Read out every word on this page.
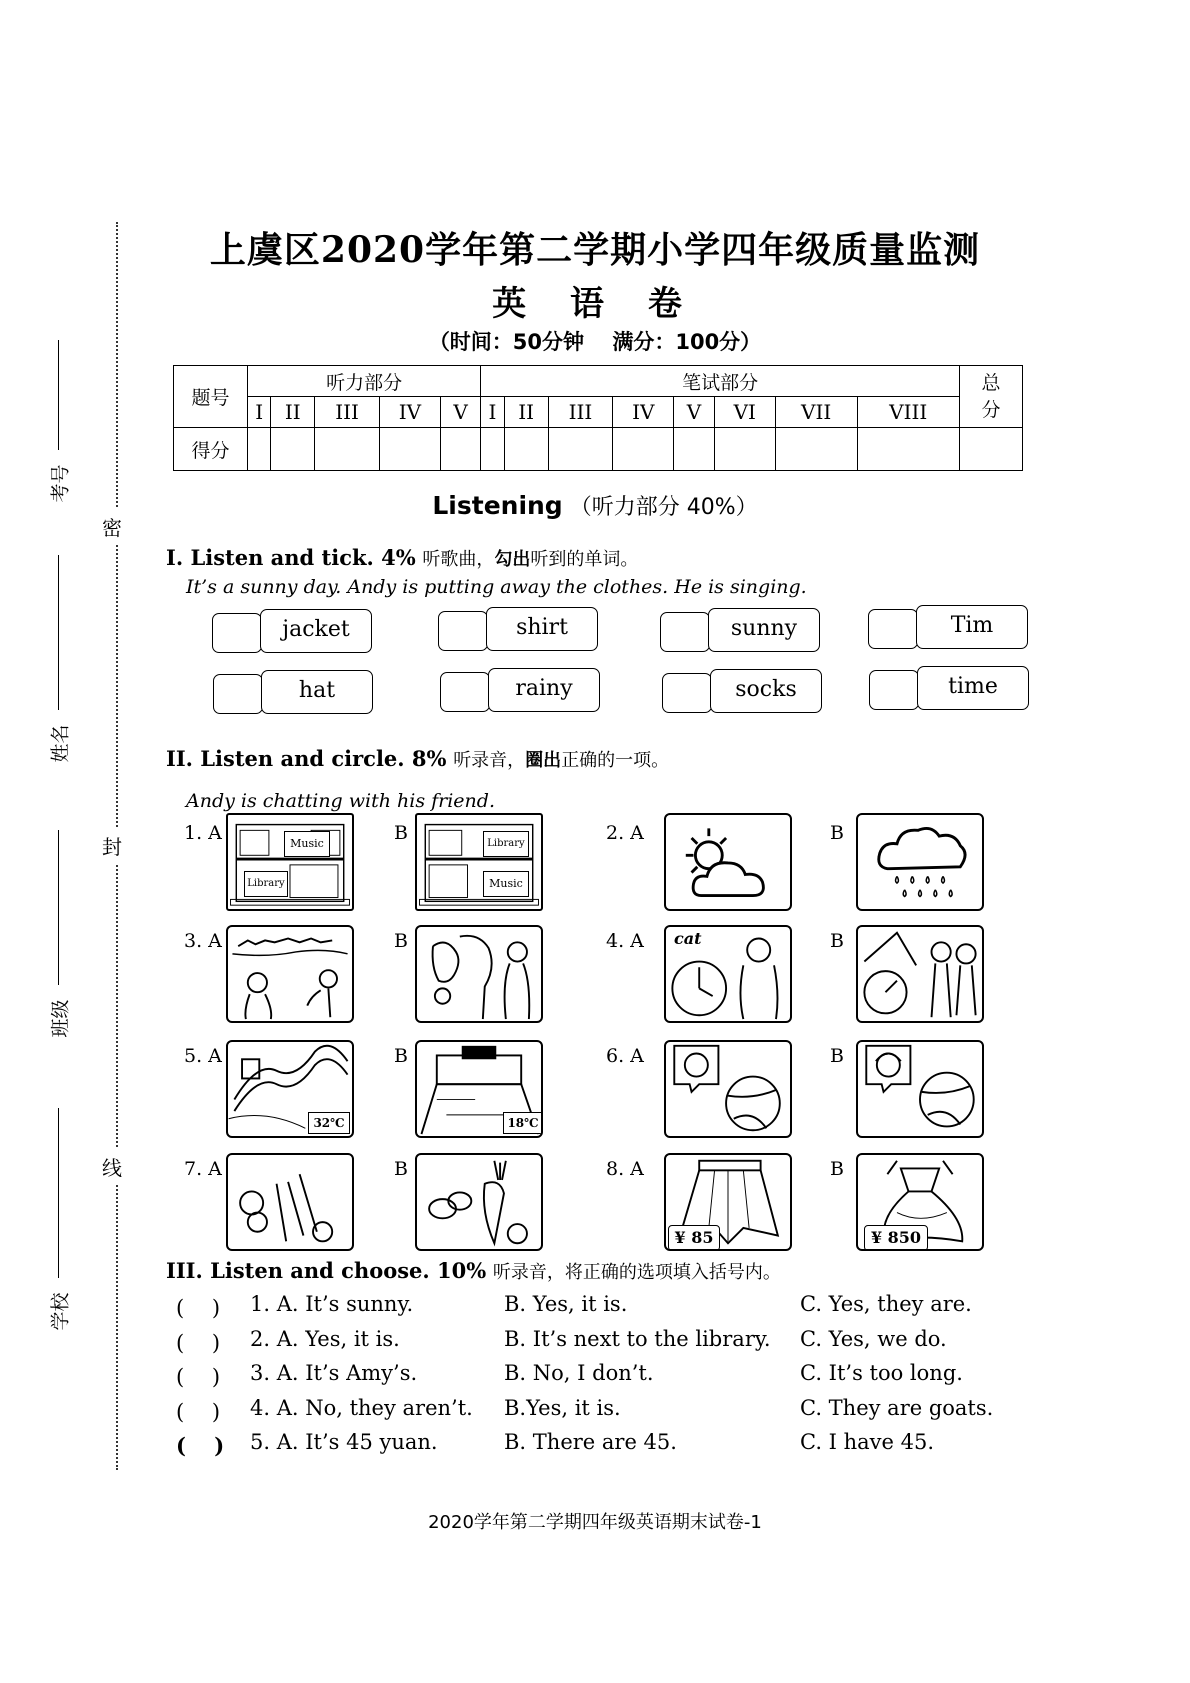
密
封
线
考号
姓名
班级
学校
上虞区2020学年第二学期小学四年级质量监测
英 语 卷
（时间：50分钟　 满分：100分）
题号	听力部分					笔试部分								总分
	I	II	III	IV	V	I	II	III	IV	V	VI	VII	VIII	
得分														
Listening （听力部分 40%）
I. Listen and tick. 4% 听歌曲，勾出听到的单词。
It’s a sunny day. Andy is putting away the clothes. He is singing.
jacket	shirt	sunny	Tim
hat	rainy	socks	time
II. Listen and circle. 8% 听录音，圈出正确的一项。
Andy is chatting with his friend.
1. A	B	2. A	B
3. A	B	4. A	B
5. A	B	6. A	B
7. A	B	8. A	B
Music
Library
Library
Music
cat
32℃	18℃
¥ 85	¥ 850
III. Listen and choose. 10% 听录音，将正确的选项填入括号内。
(　 ) 1. A. It’s sunny.	B. Yes, it is.	C. Yes, they are.
(　 ) 2. A. Yes, it is.	B. It’s next to the library. C. Yes, we do.
(　 ) 3. A. It’s Amy’s.	B. No, I don’t.	C. It’s too long.
(　 ) 4. A. No, they aren’t. B.Yes, it is.	C. They are goats.
(　 ) 5. A. It’s 45 yuan.	B. There are 45.	C. I have 45.
2020学年第二学期四年级英语期末试卷-1
